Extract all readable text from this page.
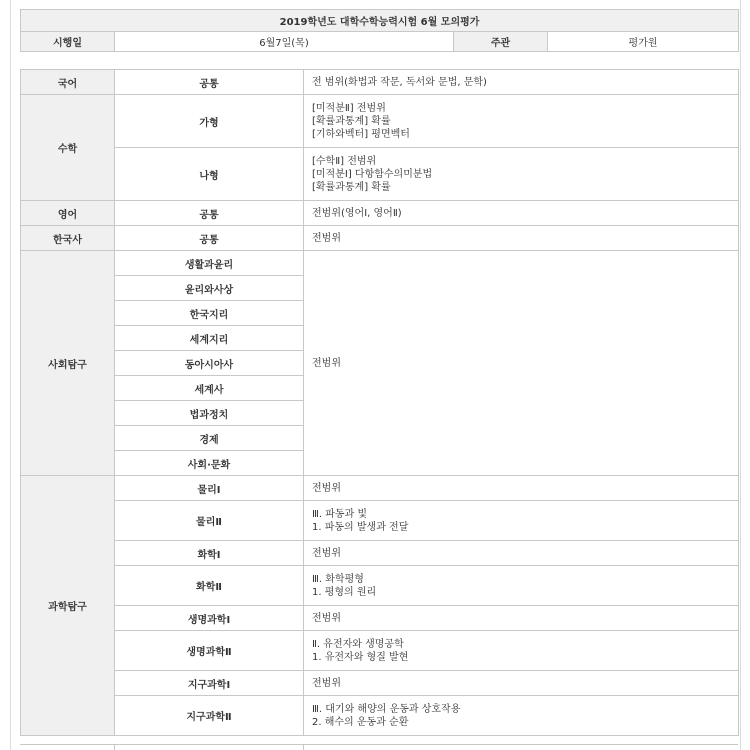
2019학년도 대학수학능력시험 6월 모의평가
시행일	6월7일(목)	주관	평가원
국어	공통	전 범위(화법과 작문, 독서와 문법, 문학)

수학	가형	[미적분Ⅱ] 전범위
[확률과통계] 확률
[기하와벡터] 평면벡터

	나형	[수학Ⅱ] 전범위
[미적분Ⅰ] 다항함수의미분법
[확률과통계] 확률

영어	공통	전범위(영어Ⅰ, 영어Ⅱ)

한국사	공통	전범위

사회탐구	생활과윤리	전범위

	윤리와사상	
	한국지리	
	세계지리	
	동아시아사	
	세계사	
	법과정치	
	경제	
	사회·문화	
과학탐구	물리Ⅰ	전범위

	물리Ⅱ	Ⅲ. 파동과 빛
1. 파동의 발생과 전달

	화학Ⅰ	전범위

	화학Ⅱ	Ⅲ. 화학평형
1. 평형의 원리

	생명과학Ⅰ	전범위

	생명과학Ⅱ	Ⅱ. 유전자와 생명공학
1. 유전자와 형질 발현

	지구과학Ⅰ	전범위

	지구과학Ⅱ	Ⅲ. 대기와 해양의 운동과 상호작용
2. 해수의 운동과 순환
